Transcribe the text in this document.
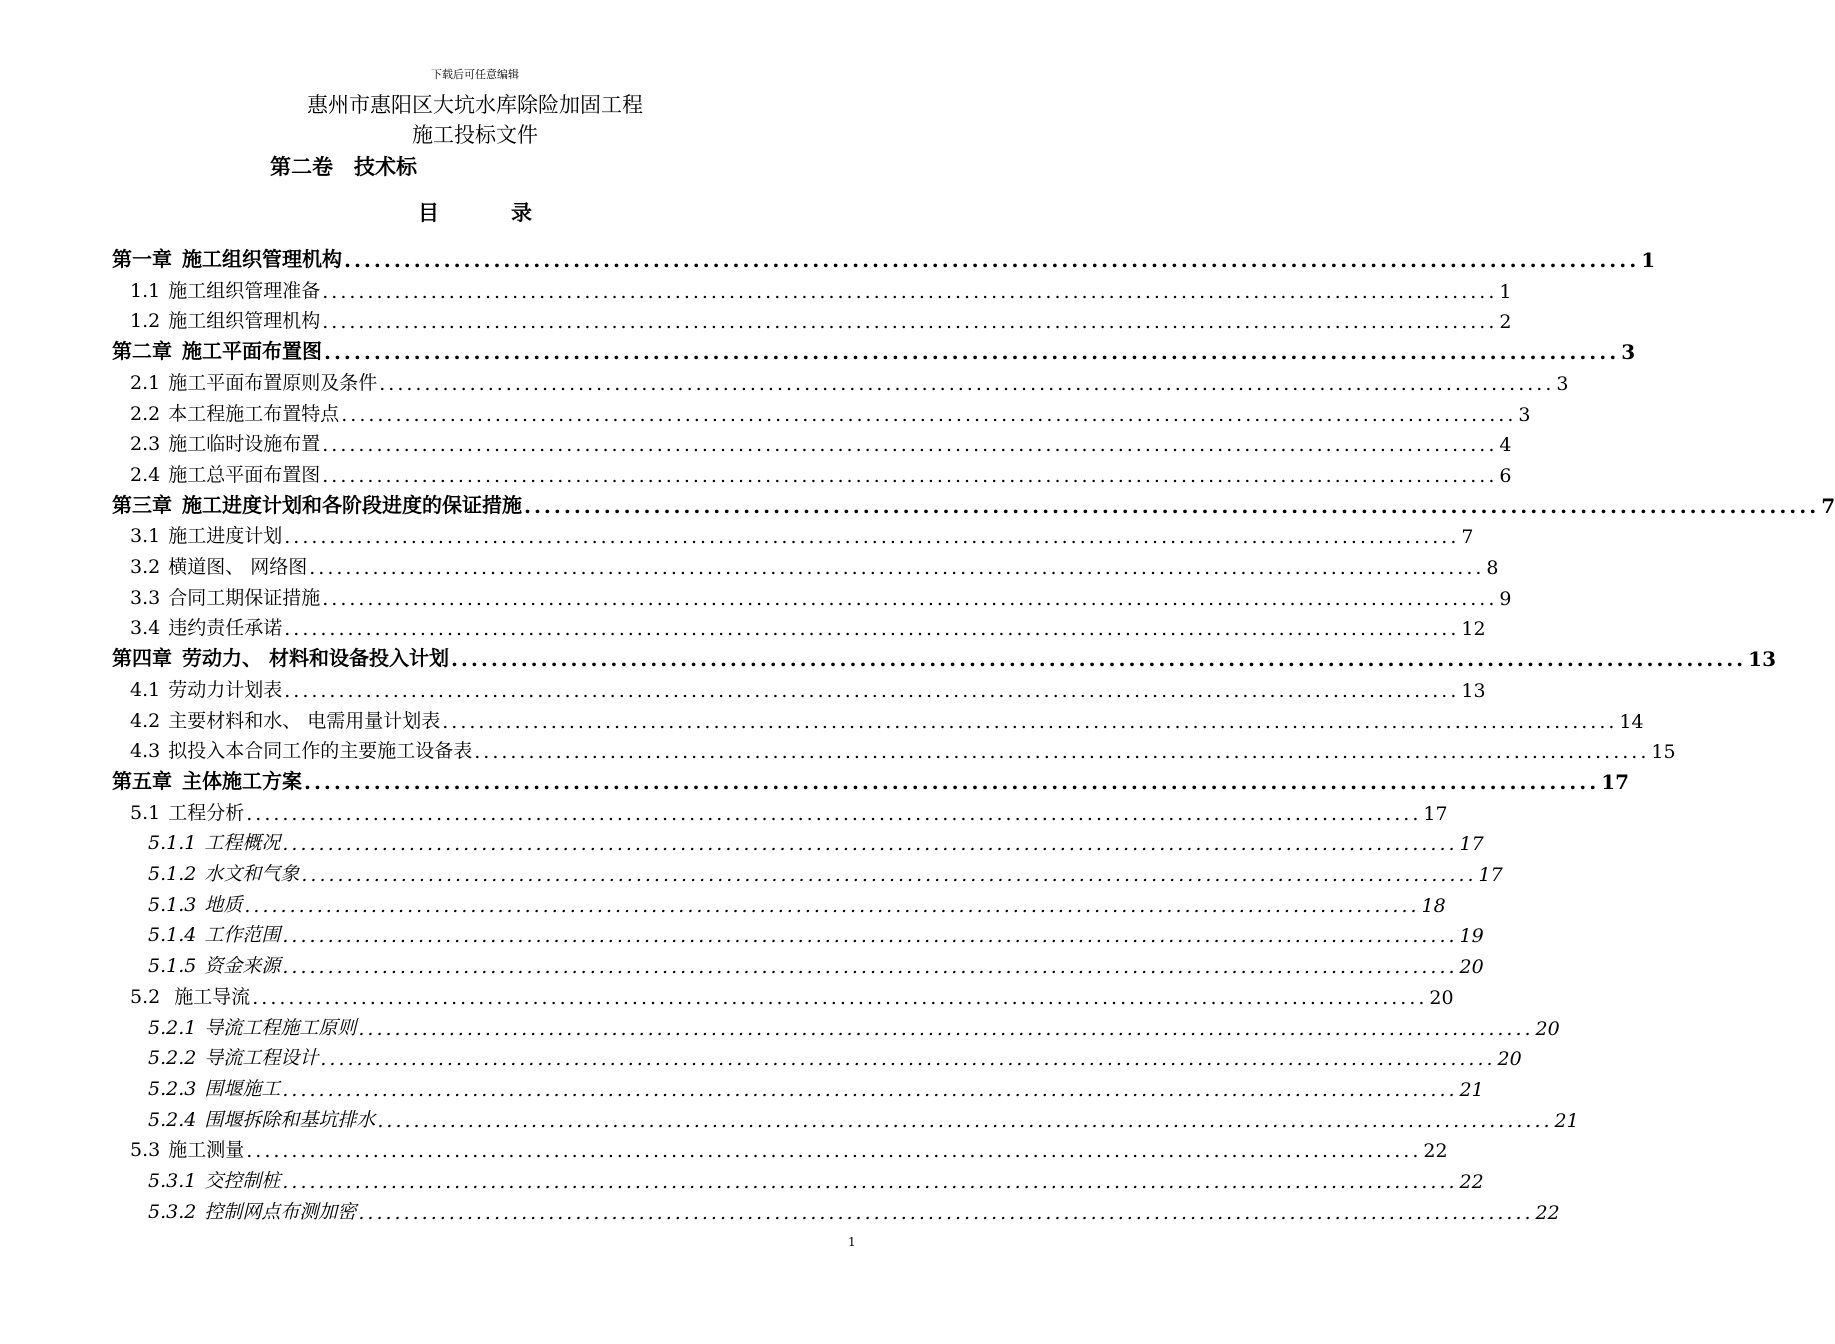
下载后可任意编辑
惠州市惠阳区大坑水库除险加固工程
施工投标文件
第二卷　技术标
目	录
第一章 施工组织管理机构 .................................................................................................................................. 1
1.1 施工组织管理准备 .................................................................................................................................. 1
1.2 施工组织管理机构 .................................................................................................................................. 2
第二章 施工平面布置图 .................................................................................................................................. 3
2.1 施工平面布置原则及条件 .................................................................................................................................. 3
2.2 本工程施工布置特点 .................................................................................................................................. 3
2.3 施工临时设施布置 .................................................................................................................................. 4
2.4 施工总平面布置图 .................................................................................................................................. 6
第三章 施工进度计划和各阶段进度的保证措施 .................................................................................................................................. 7
3.1 施工进度计划 .................................................................................................................................. 7
3.2 横道图、 网络图 .................................................................................................................................. 8
3.3 合同工期保证措施 .................................................................................................................................. 9
3.4 违约责任承诺 .................................................................................................................................. 12
第四章 劳动力、 材料和设备投入计划 .................................................................................................................................. 13
4.1 劳动力计划表 .................................................................................................................................. 13
4.2 主要材料和水、 电需用量计划表 .................................................................................................................................. 14
4.3 拟投入本合同工作的主要施工设备表 .................................................................................................................................. 15
第五章 主体施工方案 .................................................................................................................................. 17
5.1 工程分析 .................................................................................................................................. 17
5.1.1 工程概况 .................................................................................................................................. 17
5.1.2 水文和气象 .................................................................................................................................. 17
5.1.3 地质 .................................................................................................................................. 18
5.1.4 工作范围 .................................................................................................................................. 19
5.1.5 资金来源 .................................................................................................................................. 20
5.2 施工导流 .................................................................................................................................. 20
5.2.1 导流工程施工原则 .................................................................................................................................. 20
5.2.2 导流工程设计 .................................................................................................................................. 20
5.2.3 围堰施工 .................................................................................................................................. 21
5.2.4 围堰拆除和基坑排水 .................................................................................................................................. 21
5.3 施工测量 .................................................................................................................................. 22
5.3.1 交控制桩 .................................................................................................................................. 22
5.3.2 控制网点布测加密 .................................................................................................................................. 22
1
